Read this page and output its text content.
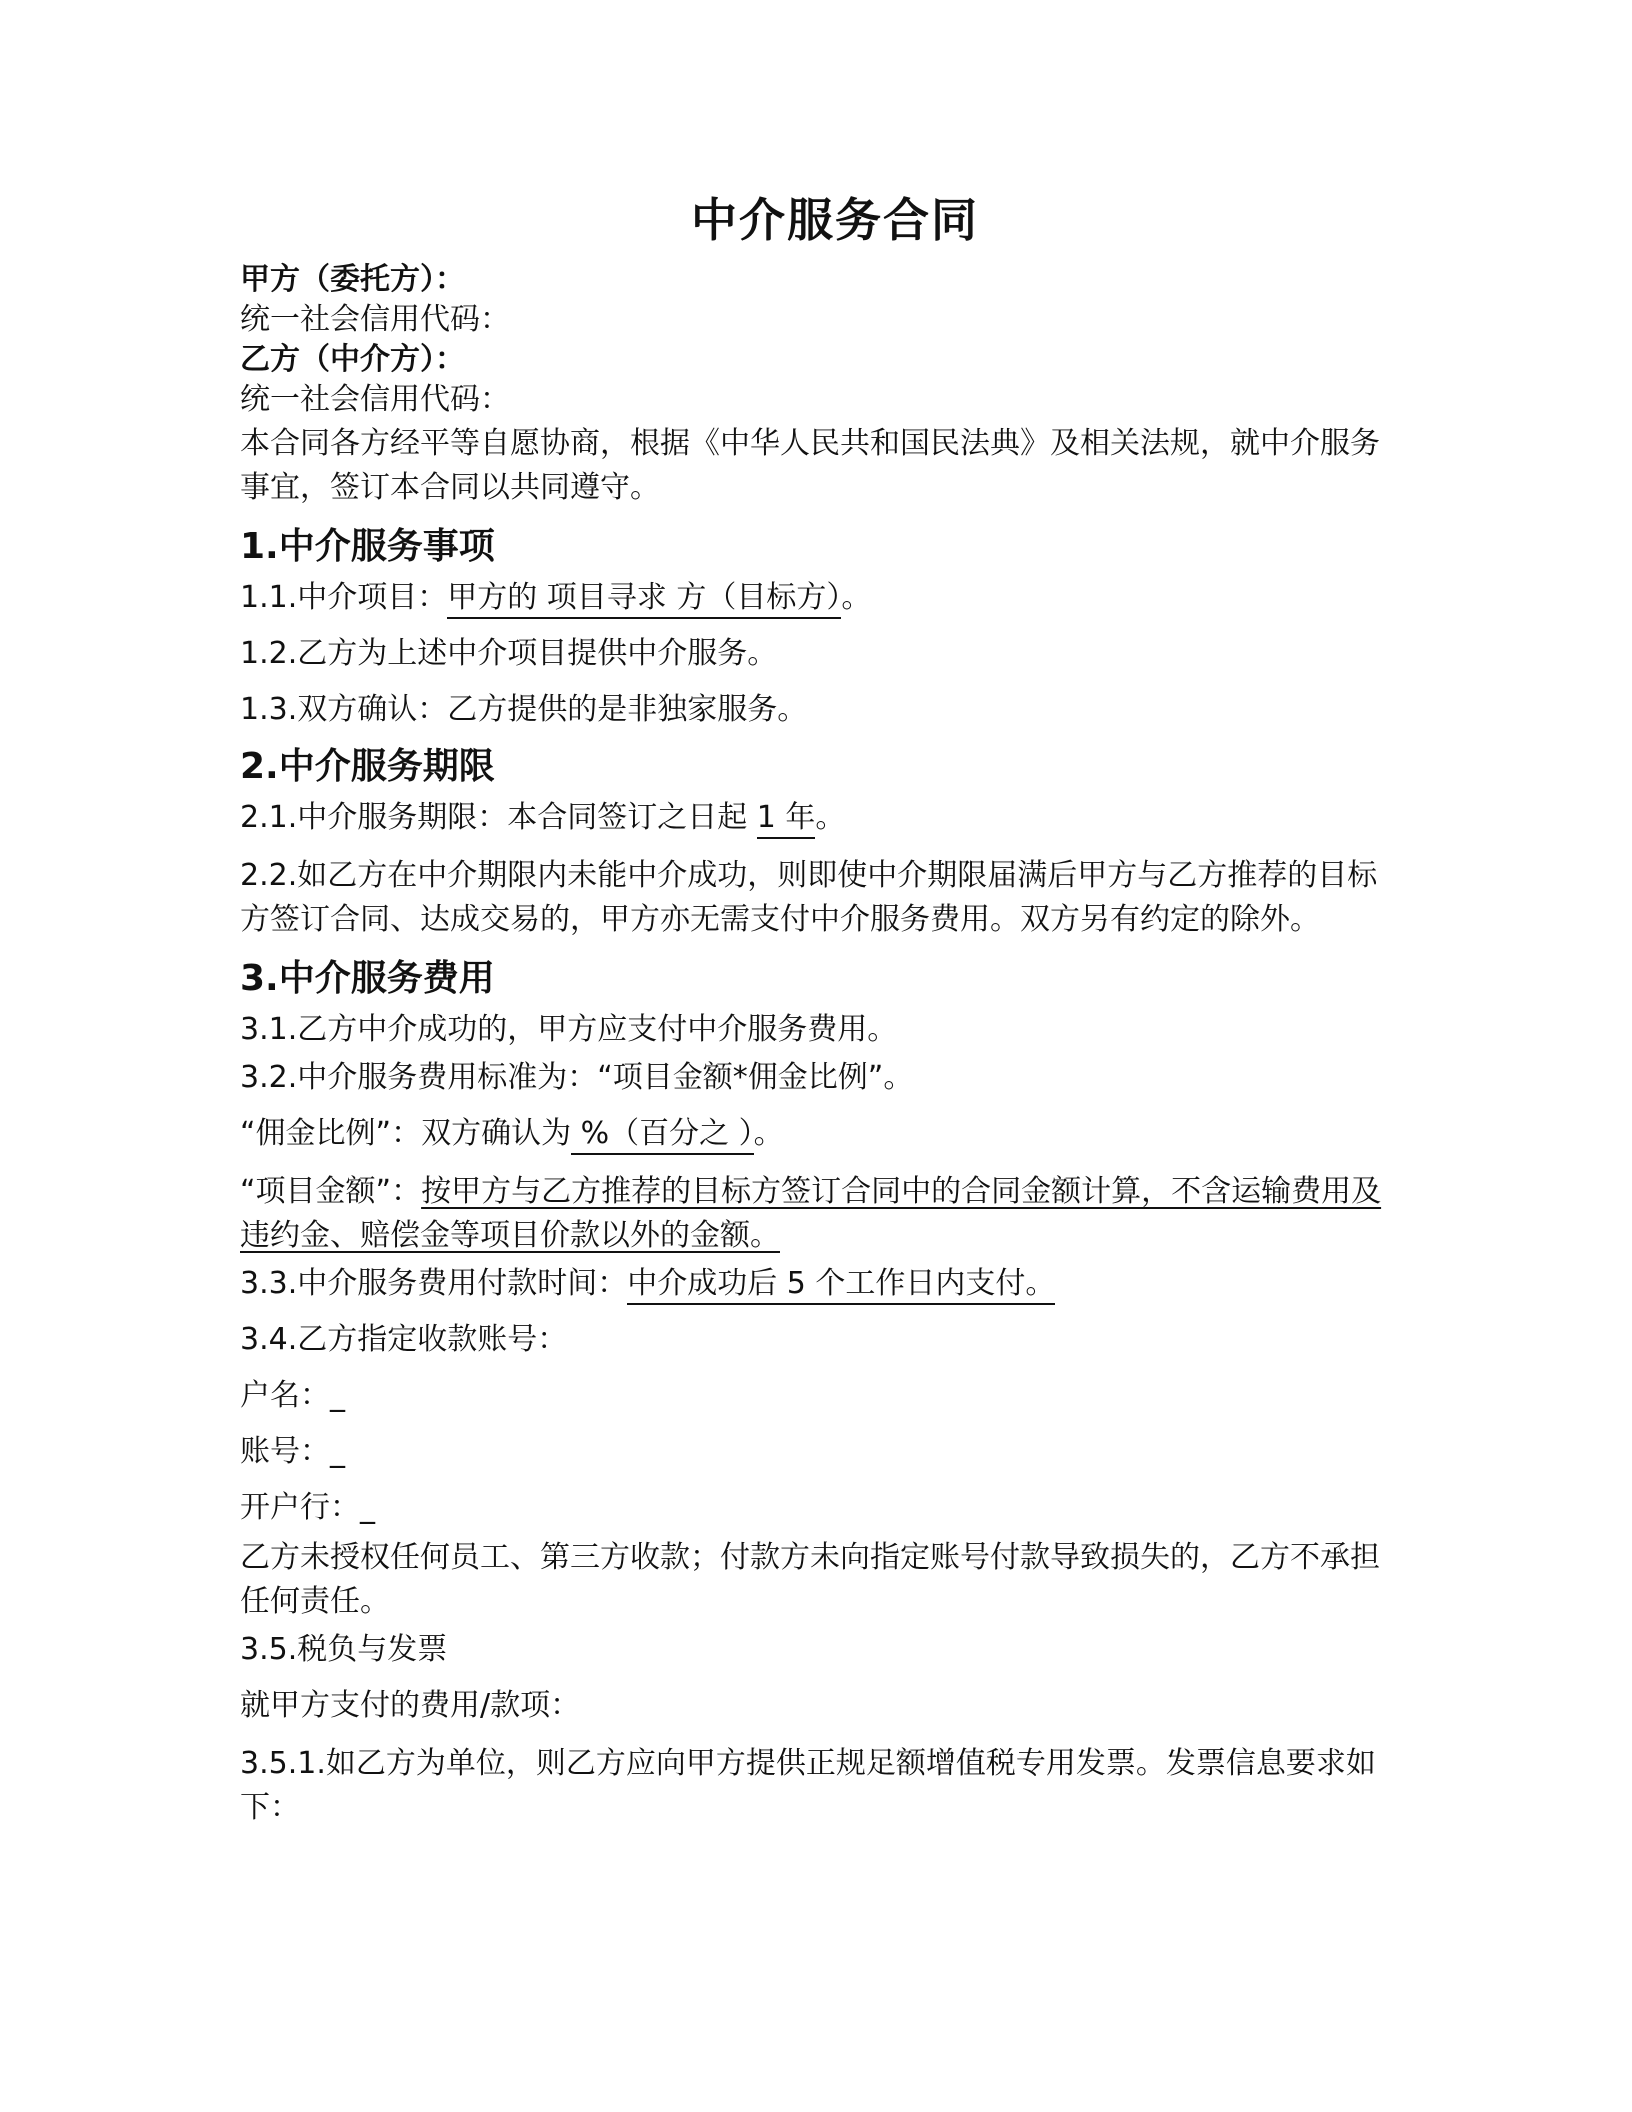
中介服务合同

甲方（委托方）：

统一社会信用代码：

乙方（中介方）：

统一社会信用代码：

本合同各方经平等自愿协商，根据《中华人民共和国民法典》及相关法规，就中介服务事宜，签订本合同以共同遵守。

1.中介服务事项

1.1.中介项目：甲方的 项目寻求 方（目标方）。

1.2.乙方为上述中介项目提供中介服务。

1.3.双方确认：乙方提供的是非独家服务。

2.中介服务期限

2.1.中介服务期限：本合同签订之日起 1 年。

2.2.如乙方在中介期限内未能中介成功，则即使中介期限届满后甲方与乙方推荐的目标方签订合同、达成交易的，甲方亦无需支付中介服务费用。双方另有约定的除外。

3.中介服务费用

3.1.乙方中介成功的，甲方应支付中介服务费用。

3.2.中介服务费用标准为：“项目金额*佣金比例”。

“佣金比例”：双方确认为 %（百分之 ）。

“项目金额”：按甲方与乙方推荐的目标方签订合同中的合同金额计算，不含运输费用及违约金、赔偿金等项目价款以外的金额。

3.3.中介服务费用付款时间：中介成功后 5 个工作日内支付。

3.4.乙方指定收款账号：

户名：_

账号：_

开户行：_

乙方未授权任何员工、第三方收款；付款方未向指定账号付款导致损失的，乙方不承担任何责任。

3.5.税负与发票

就甲方支付的费用/款项：

3.5.1.如乙方为单位，则乙方应向甲方提供正规足额增值税专用发票。发票信息要求如下：
